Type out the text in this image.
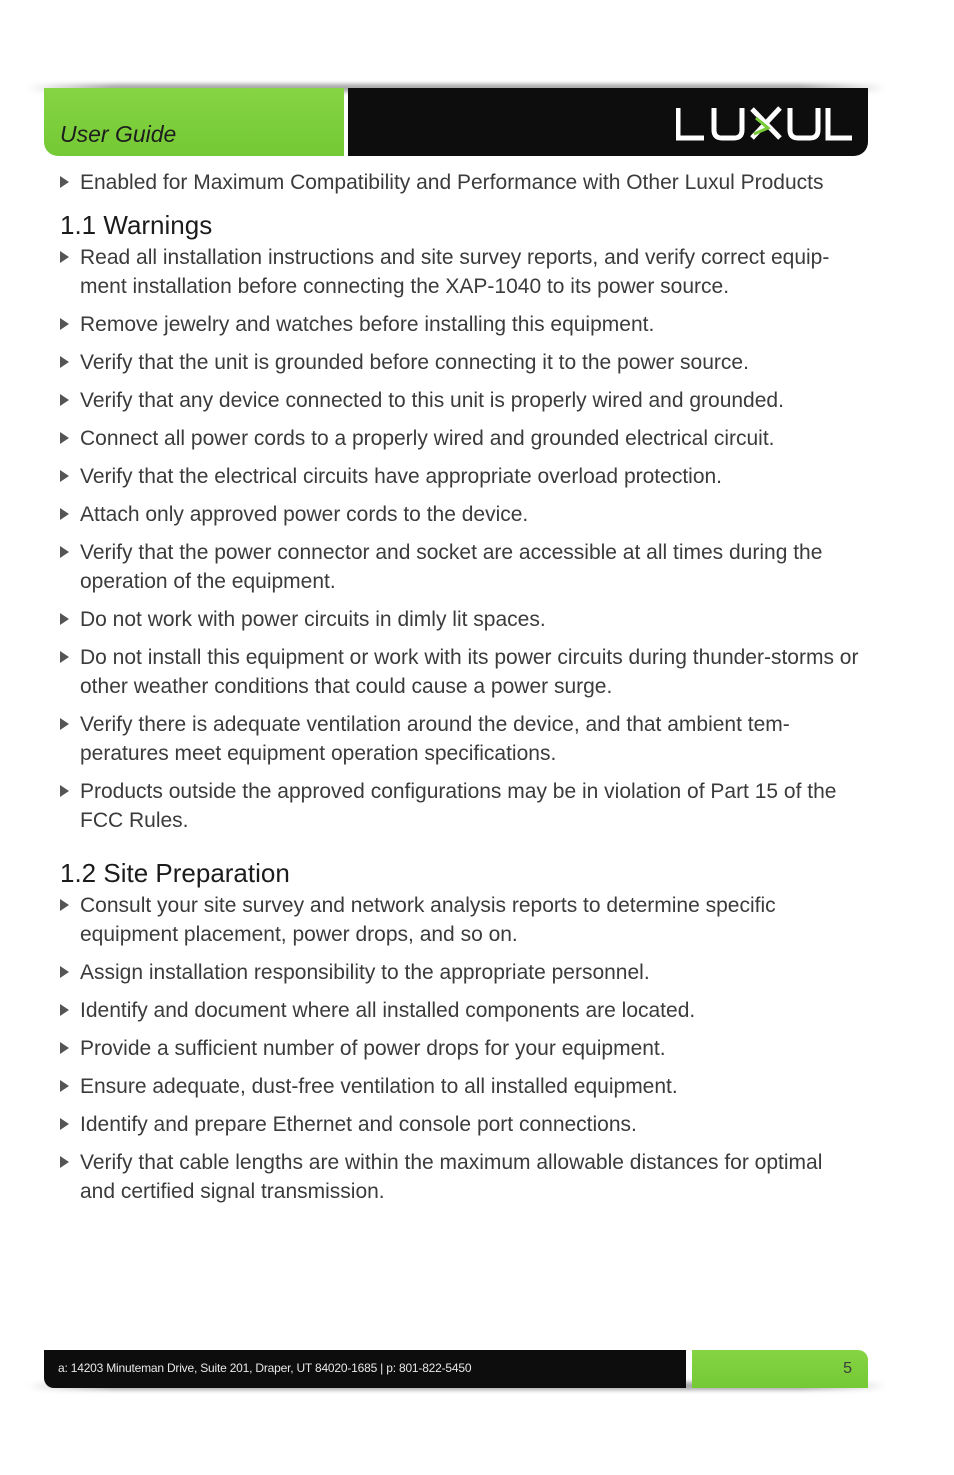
User Guide
Enabled for Maximum Compatibility and Performance with Other Luxul Products
1.1 Warnings
Read all installation instructions and site survey reports, and verify correct equip-ment installation before connecting the XAP-1040 to its power source.
Remove jewelry and watches before installing this equipment.
Verify that the unit is grounded before connecting it to the power source.
Verify that any device connected to this unit is properly wired and grounded.
Connect all power cords to a properly wired and grounded electrical circuit.
Verify that the electrical circuits have appropriate overload protection.
Attach only approved power cords to the device.
Verify that the power connector and socket are accessible at all times during the operation of the equipment.
Do not work with power circuits in dimly lit spaces.
Do not install this equipment or work with its power circuits during thunder-storms or other weather conditions that could cause a power surge.
Verify there is adequate ventilation around the device, and that ambient tem-peratures meet equipment operation specifications.
Products outside the approved configurations may be in violation of Part 15 of the FCC Rules.
1.2 Site Preparation
Consult your site survey and network analysis reports to determine specific equipment placement, power drops, and so on.
Assign installation responsibility to the appropriate personnel.
Identify and document where all installed components are located.
Provide a sufficient number of power drops for your equipment.
Ensure adequate, dust-free ventilation to all installed equipment.
Identify and prepare Ethernet and console port connections.
Verify that cable lengths are within the maximum allowable distances for optimal and certified signal transmission.
a: 14203 Minuteman Drive, Suite 201, Draper, UT 84020-1685 | p: 801-822-5450	5
